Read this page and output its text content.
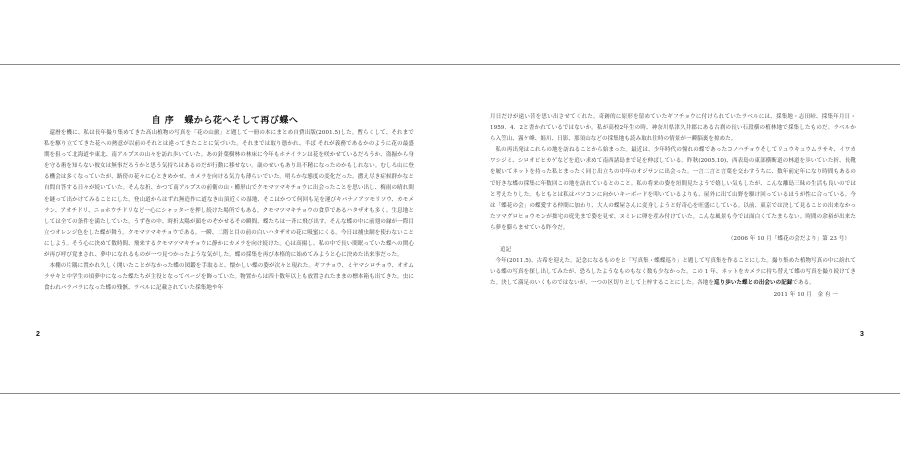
自 序 蝶から花へそして再び蝶へ

還暦を機に、私は長年撮り集めてきた高山植物の写真を「花の山旅」と題して一冊の本にまとめ自費出版(2001.5)した。暫らくして、それまで私を駆り立ててきた花への熱意が以前のそれとは違ってきたことに気づいた。それまでは取り憑かれ、半ば それが義務であるかのように花の最盛期を狙って北海道や東北、南アルプスの山々を訪れ歩いていた。あの針葉樹林の林床に今年もホテイランは花を咲かせているだろうか、盗掘から身を守る術を知らない彼女は無事だろうかと思う気持ちはあるのだが行動に移せない。歳のせいもあり出不精になったのかもしれない。むしろ山に登る機会は多くなっていたが、路傍の花々に心ときめかせ、カメラを向ける気力も薄らいでいた。明らかな態度の変化だった。撚え尽き症候群かなと自問自答する日々が続いていた。そんな折、かつて南アルプスの前衛の山・櫛形山でクモマツマキチョウに出会ったことを思い出し、梅雨の晴れ間を縫って出かけてみることにした。登山道からはずれ無造作に道なき山頂近くの湿地、そこはかつて何回も足を運びキバナノアツモリソウ、カモメラン、アオチドリ、ニョホウチドリなど一心にシャッターを押し続けた場所でもある。クモマツマキチョウの食草であるハタザオも多く、生息地としては全ての条件を満たしていた。うず巻の中、時折太陽が顔をのぞかせるその瞬間、蝶たちは一斉に飛び出す。そんな蝶の中に前翅の縁が一際目立つオレンジ色をした蝶が舞う。クモマツマキチョウである。一瞬、二階と目の前の白いハタザオの花に吸蜜にくる。今日は捕虫網を使わないことにしよう。そう心に決めて数時間、飛来するクモマツマキチョウに静かにカメラを向け続けた。心は高揚し、私の中で長い間眠っていた蝶への関心が再び呼び覚まされ、夢中になれるものが一つ見つかったような気がした。蝶の採集を再び本格的に始めてみようと心に決めた出来事だった。

本棚の片隅に置かれ久しく開いたことがなかった蝶の図鑑を手取ると、懐かしい蝶の姿が次々と現れた。ギフチョウ、ミヤマシロチョウ、オオムラサキと中学生の頃夢中になった蝶たちが主役となってページを飾っていた。物置からは四十数年以上も放置されたままの標本箱も出てきた。虫に食われバラバラになった蝶の残骸、ラベルに記載されていた採集地や年

2

月日だけが遠い昔を思い出させてくれた。奇跡的に原形を留めていたギフチョウに付けられていたラベルには、採集地・志田峠、採集年月日・1959．4．2と書かれているではないか。私が高校2年生の時、神奈川県津久井郡にある古刹の長い石段横の植林地で採集したものだ。ラベルから入笠山、霧ケ峰、姫川、日影、那須山などの採集地も読み取れ往時の情景が一瞬脳裏を掠めた。

私の再出発はこれらの地を訪ねることから始まった。最近は、少年時代の憧れの蝶であったコノハチョウそしてリュウキュウムラサキ、イワカワシジミ、シロオビヒカゲなどを追い求めて南西諸島まで足を伸ばしている。昨秋(2005.10)、西表島の東部横断道の林道を歩いていた折、長靴を履いてネットを持った私とまったく同じ出立ちの中年のオジサンに出会った。一言二言と言葉を交わすうちに、数年前定年になり時間もあるので好きな蝶の採集に年数回この地を訪れているとのこと。私の将来の姿を垣間見たようで嬉しい気もしたが、こんな離島三昧の生活も良いのではと考えたりした。もともとは私はパソコンに向かいキーボードを叩いているよりも、屋外に出て山野を駆け回っているほうが性に合っている。今は「蝶花の会」の蝶愛する仲間に加わり、大人の蝶屋さんに変身しようと好奇心を旺盛にしている。以前、東京では決して見ることの出来なかったツマグロヒョウモンが拙宅の庭先まで姿を見せ、ヌミレに卵を産み付けていた。こんな風景も今では面白くてたまらない。時間の余裕が出来たら夢を膨らませている昨今だ。

（2006 年 10 月「蝶花の会だより」第 23 号）

追記

今年(2011.5)、古希を迎えた。記念になるものをと「写真集・蝶蝶巡り」と題して写真集を作ることにした。撮り集めた植物写真の中に紛れている蝶の写真を探し出してみたが、恐ろしたようなものもなく数も少なかった。この 1 年、ネットをカメラに持ち替えて蝶の写真を撮り続けてきた。決して満足のいくものではないが、一つの区切りとして上梓することにした。各地を巡り歩いた蝶との出会いの記録である。

2011 年 10 月　金 有 一

3
